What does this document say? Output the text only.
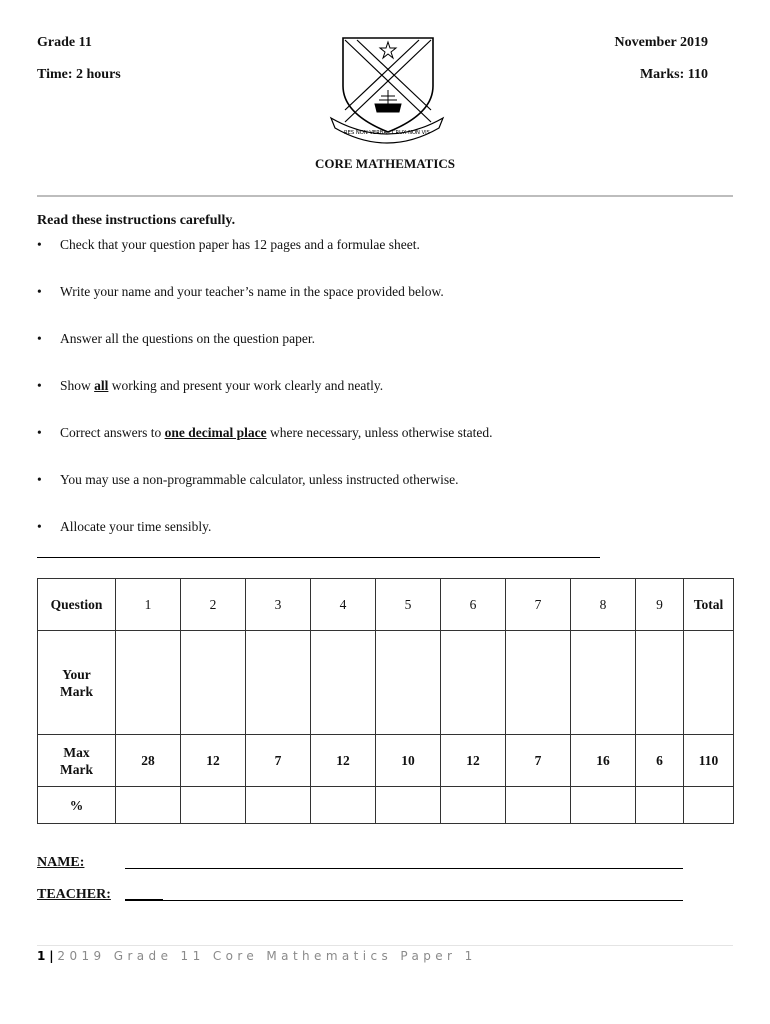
Grade 11
Time: 2 hours
November 2019
Marks: 110
RES NON VERBA · CRUX NON VIS
CORE MATHEMATICS
Read these instructions carefully.
• Check that your question paper has 12 pages and a formulae sheet.
• Write your name and your teacher’s name in the space provided below.
• Answer all the questions on the question paper.
• Show all working and present your work clearly and neatly.
• Correct answers to one decimal place where necessary, unless otherwise stated.
• You may use a non-programmable calculator, unless instructed otherwise.
• Allocate your time sensibly.
Question	1	2	3	4	5	6	7	8	9	Total
Your
Mark										
Max
Mark	28	12	7	12	10	12	7	16	6	110
%										
NAME:
TEACHER:
1 | 2019 Grade 11 Core Mathematics Paper 1
